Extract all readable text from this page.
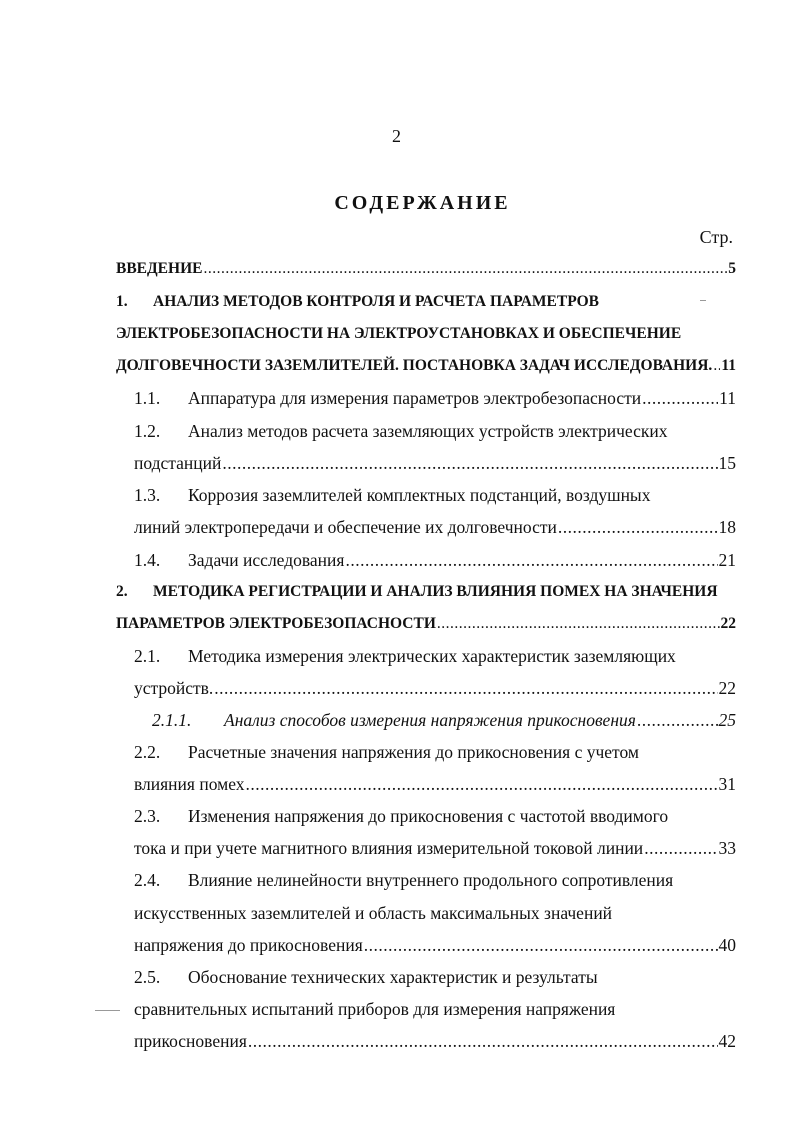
2
СОДЕРЖАНИЕ
Стр.
ВВЕДЕНИЕ .....	5
1.	АНАЛИЗ МЕТОДОВ КОНТРОЛЯ И РАСЧЕТА ПАРАМЕТРОВ
ЭЛЕКТРОБЕЗОПАСНОСТИ НА ЭЛЕКТРОУСТАНОВКАХ И ОБЕСПЕЧЕНИЕ
ДОЛГОВЕЧНОСТИ ЗАЗЕМЛИТЕЛЕЙ. ПОСТАНОВКА ЗАДАЧ ИССЛЕДОВАНИЯ. ..... 11
1.1.	Аппаратура для измерения параметров электробезопасности .....	11
1.2.	Анализ методов расчета заземляющих устройств электрических
подстанций .....	15
1.3.	Коррозия заземлителей комплектных подстанций, воздушных
линий электропередачи и обеспечение их долговечности .....	18
1.4.	Задачи исследования .....	21
2.	МЕТОДИКА РЕГИСТРАЦИИ И АНАЛИЗ ВЛИЯНИЯ ПОМЕХ НА ЗНАЧЕНИЯ
ПАРАМЕТРОВ ЭЛЕКТРОБЕЗОПАСНОСТИ .....	22
2.1.	Методика измерения электрических характеристик заземляющих
устройств. .....	22
2.1.1.	Анализ способов измерения напряжения прикосновения .....	25
2.2.	Расчетные значения напряжения до прикосновения с учетом
влияния помех .....	31
2.3.	Изменения напряжения до прикосновения с частотой вводимого
тока и при учете магнитного влияния измерительной токовой линии .....	33
2.4.	Влияние нелинейности внутреннего продольного сопротивления
искусственных заземлителей и область максимальных значений
напряжения до прикосновения .....	40
2.5.	Обоснование технических характеристик и результаты
сравнительных испытаний приборов для измерения напряжения
прикосновения .....	42
